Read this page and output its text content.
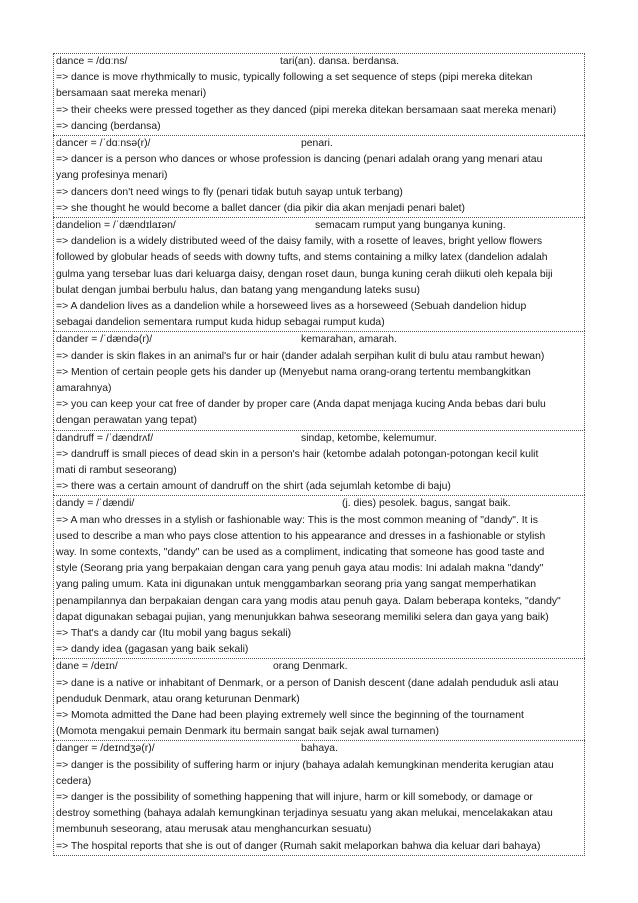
dance = /dɑːns/	tari(an). dansa. berdansa.
=> dance is move rhythmically to music, typically following a set sequence of steps (pipi mereka ditekan
bersamaan saat mereka menari)
=> their cheeks were pressed together as they danced (pipi mereka ditekan bersamaan saat mereka menari)
=> dancing (berdansa)
dancer = /ˈdɑːnsə(r)/	penari.
=> dancer is a person who dances or whose profession is dancing (penari adalah orang yang menari atau
yang profesinya menari)
=> dancers don't need wings to fly (penari tidak butuh sayap untuk terbang)
=> she thought he would become a ballet dancer (dia pikir dia akan menjadi penari balet)
dandelion = /ˈdændɪlaɪən/	semacam rumput yang bunganya kuning.
=> dandelion is a widely distributed weed of the daisy family, with a rosette of leaves, bright yellow flowers
followed by globular heads of seeds with downy tufts, and stems containing a milky latex (dandelion adalah
gulma yang tersebar luas dari keluarga daisy, dengan roset daun, bunga kuning cerah diikuti oleh kepala biji
bulat dengan jumbai berbulu halus, dan batang yang mengandung lateks susu)
=> A dandelion lives as a dandelion while a horseweed lives as a horseweed (Sebuah dandelion hidup
sebagai dandelion sementara rumput kuda hidup sebagai rumput kuda)
dander = /ˈdændə(r)/	kemarahan, amarah.
=> dander is skin flakes in an animal's fur or hair (dander adalah serpihan kulit di bulu atau rambut hewan)
=> Mention of certain people gets his dander up (Menyebut nama orang-orang tertentu membangkitkan
amarahnya)
=> you can keep your cat free of dander by proper care (Anda dapat menjaga kucing Anda bebas dari bulu
dengan perawatan yang tepat)
dandruff = /ˈdændrʌf/	sindap, ketombe, kelemumur.
=> dandruff is small pieces of dead skin in a person's hair (ketombe adalah potongan-potongan kecil kulit
mati di rambut seseorang)
=> there was a certain amount of dandruff on the shirt (ada sejumlah ketombe di baju)
dandy = /ˈdændi/	(j. dies) pesolek. bagus, sangat baik.
=> A man who dresses in a stylish or fashionable way: This is the most common meaning of "dandy". It is
used to describe a man who pays close attention to his appearance and dresses in a fashionable or stylish
way. In some contexts, "dandy" can be used as a compliment, indicating that someone has good taste and
style (Seorang pria yang berpakaian dengan cara yang penuh gaya atau modis: Ini adalah makna "dandy"
yang paling umum. Kata ini digunakan untuk menggambarkan seorang pria yang sangat memperhatikan
penampilannya dan berpakaian dengan cara yang modis atau penuh gaya. Dalam beberapa konteks, "dandy"
dapat digunakan sebagai pujian, yang menunjukkan bahwa seseorang memiliki selera dan gaya yang baik)
=> That's a dandy car (Itu mobil yang bagus sekali)
=> dandy idea (gagasan yang baik sekali)
dane = /deɪn/	orang Denmark.
=> dane is a native or inhabitant of Denmark, or a person of Danish descent (dane adalah penduduk asli atau
penduduk Denmark, atau orang keturunan Denmark)
=> Momota admitted the Dane had been playing extremely well since the beginning of the tournament
(Momota mengakui pemain Denmark itu bermain sangat baik sejak awal turnamen)
danger = /deɪndʒə(r)/	bahaya.
=> danger is the possibility of suffering harm or injury (bahaya adalah kemungkinan menderita kerugian atau
cedera)
=> danger is the possibility of something happening that will injure, harm or kill somebody, or damage or
destroy something (bahaya adalah kemungkinan terjadinya sesuatu yang akan melukai, mencelakakan atau
membunuh seseorang, atau merusak atau menghancurkan sesuatu)
=> The hospital reports that she is out of danger (Rumah sakit melaporkan bahwa dia keluar dari bahaya)
